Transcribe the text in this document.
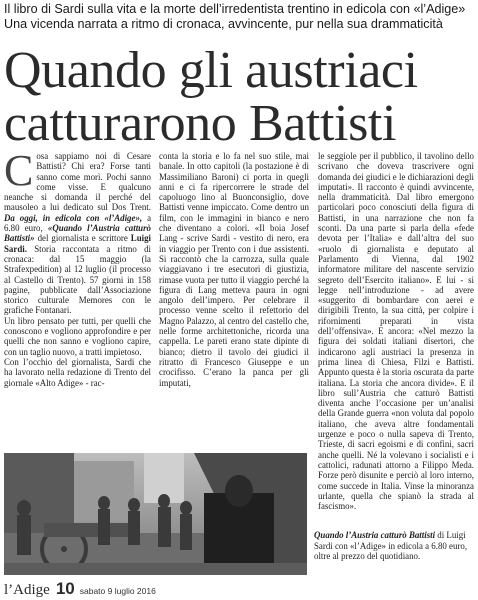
Il libro di Sardi sulla vita e la morte dell’irredentista trentino in edicola con «l’Adige»
Una vicenda narrata a ritmo di cronaca, avvincente, pur nella sua drammaticità
Quando gli austriaci
catturarono Battisti
C osa sappiamo noi di Cesare Battisti? Chi era? Forse tanti sanno come morì. Pochi sanno come visse. E qualcuno neanche si domanda il perché del mausoleo a lui dedicato sul Dos Trent. Da oggi, in edicola con «l’Adige», a 6.80 euro, «Quando l’Austria catturò Battisti» del giornalista e scrittore Luigi Sardi. Storia raccontata a ritmo di cronaca: dal 15 maggio (la Strafexpedition) al 12 luglio (il processo al Castello di Trento). 57 giorni in 158 pagine, pubblicate dall’Associazione storico culturale Memores con le grafiche Fontanari.

Un libro pensato per tutti, per quelli che conoscono e vogliono approfondire e per quelli che non sanno e vogliono capire, con un taglio nuovo, a tratti impietoso.

Con l’occhio del giornalista, Sardi che ha lavorato nella redazione di Trento del giornale «Alto Adige» - rac-

conta la storia e lo fa nel suo stile, mai banale. In otto capitoli (la postazione è di Massimiliano Baroni) ci porta in quegli anni e ci fa ripercorrere le strade del capoluogo lino al Buonconsiglio, dove Battisti venne impiccato. Come dentro un film, con le immagini in bianco e nero che diventano a colori. «Il boia Josef Lang - scrive Sardi - vestito di nero, era in viaggio per Trento con i due assistenti. Si raccontò che la carrozza, sulla quale viaggiavano i tre esecutori di giustizia, rimase vuota per tutto il viaggio perché la figura di Lang metteva paura in ogni angolo dell’impero. Per celebrare il processo venne scelto il refettorio del Magno Palazzo, al centro del castello che, nelle forme architettoniche, ricorda una cappella. Le pareti erano state dipinte di bianco; dietro il tavolo dei giudici il ritratto di Francesco Giuseppe e un crocifisso. C’erano la panca per gli imputati,

le seggiole per il pubblico, il tavolino dello scrivano che doveva trascrivere ogni domanda dei giudici e le dichiarazioni degli imputati». Il racconto è quindi avvincente, nella drammaticità. Dal libro emergono particolari poco conosciuti della figura di Battisti, in una narrazione che non fa sconti. Da una parte si parla della «fede devota per l’Italia» e dall’altra del suo «ruolo di giornalista e deputato al Parlamento di Vienna, dal 1902 informatore militare del nascente servizio segreto dell’Esercito italiano». E lui - si legge nell’introduzione - ad avere «suggerito di bombardare con aerei e dirigibili Trento, la sua città, per colpire i rifornimenti preparati in vista dell’offensiva». E ancora: «Nel mezzo la figura dei soldati italiani disertori, che indicarono agli austriaci la presenza in prima linea di Chiesa, Filzi e Battisti. Appunto questa è la storia oscurata da parte italiana. La storia che ancora divide». E il libro sull’Austria che catturò Battisti diventa anche l’occasione per un’analisi della Grande guerra «non voluta dal popolo italiano, che aveva altre fondamentali urgenze e poco o nulla sapeva di Trento, Trieste, di sacri egoismi e di confini, sacri anche quelli. Né la volevano i socialisti e i cattolici, radunati attorno a Filippo Meda. Forze però disunite e perciò al loro interno, come succede in Italia. Vinse la minoranza urlante, quella che spianò la strada al fascismo».

Quando l’Austria catturò Battisti di Luigi Sardi con «l’Adige» in edicola a 6.80 euro, oltre al prezzo del quotidiano.
l’Adige 10 sabato 9 luglio 2016
